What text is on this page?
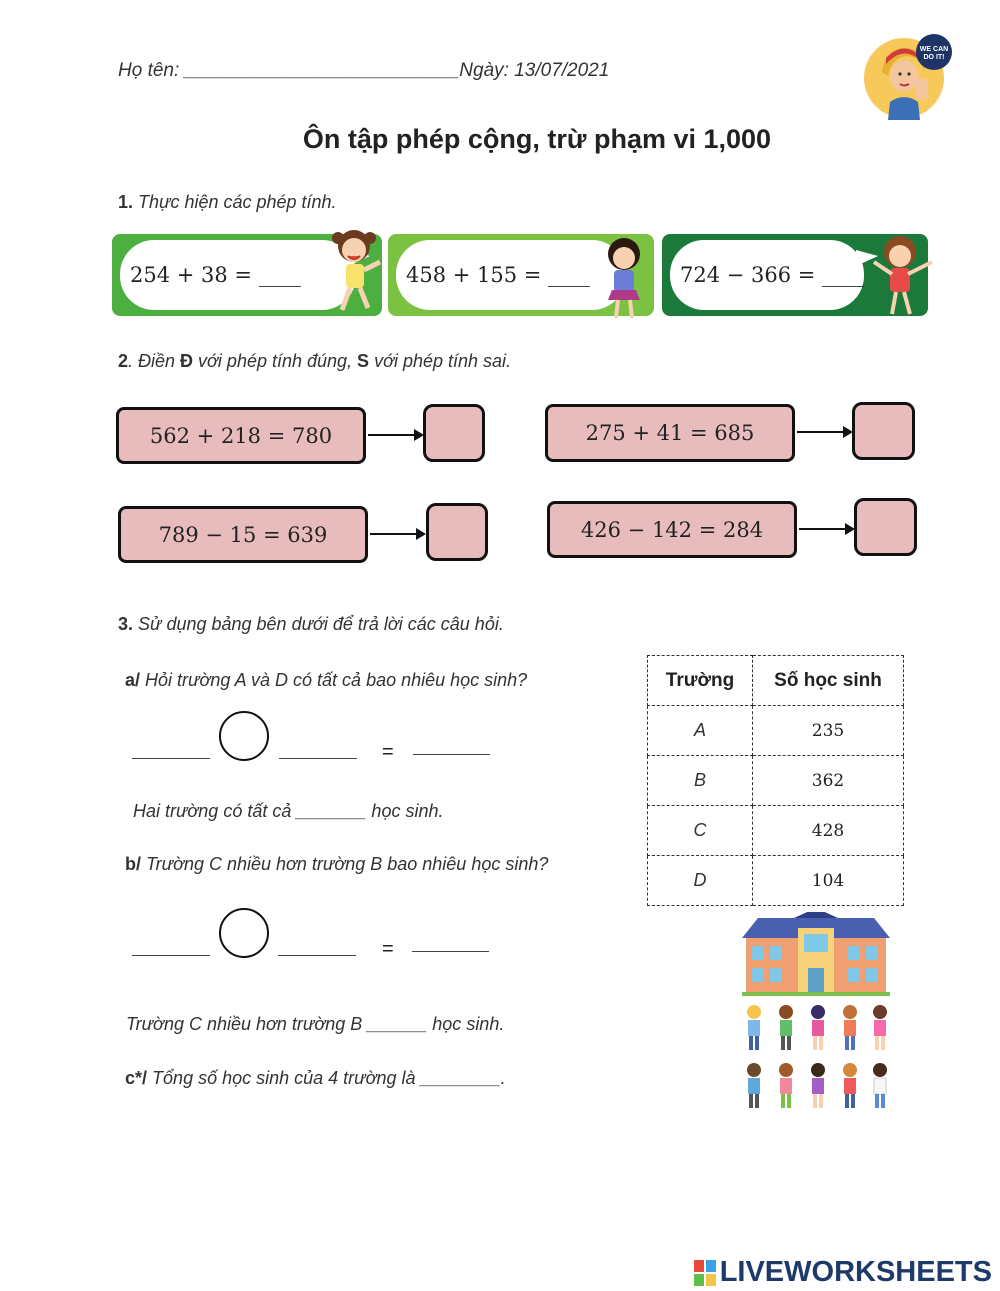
Họ tên: __________________________Ngày: 13/07/2021
WE CAN
DO IT!
Ôn tập phép cộng, trừ phạm vi 1,000
1. Thực hiện các phép tính.
254 + 38 = ____	458 + 155 = ____	724 − 366 = ____
2. Điền Đ với phép tính đúng, S với phép tính sai.
562 + 218 = 780	275 + 41 = 685
789 − 15 = 639	426 − 142 = 284
3. Sử dụng bảng bên dưới để trả lời các câu hỏi.
a/ Hỏi trường A và D có tất cả bao nhiêu học sinh?
=
Hai trường có tất cả _______ học sinh.
b/ Trường C nhiều hơn trường B bao nhiêu học sinh?
=
Trường C nhiều hơn trường B ______ học sinh.
c*/ Tổng số học sinh của 4 trường là ________.
Trường	Số học sinh
A	235
B	362
C	428
D	104
LIVEWORKSHEETS
